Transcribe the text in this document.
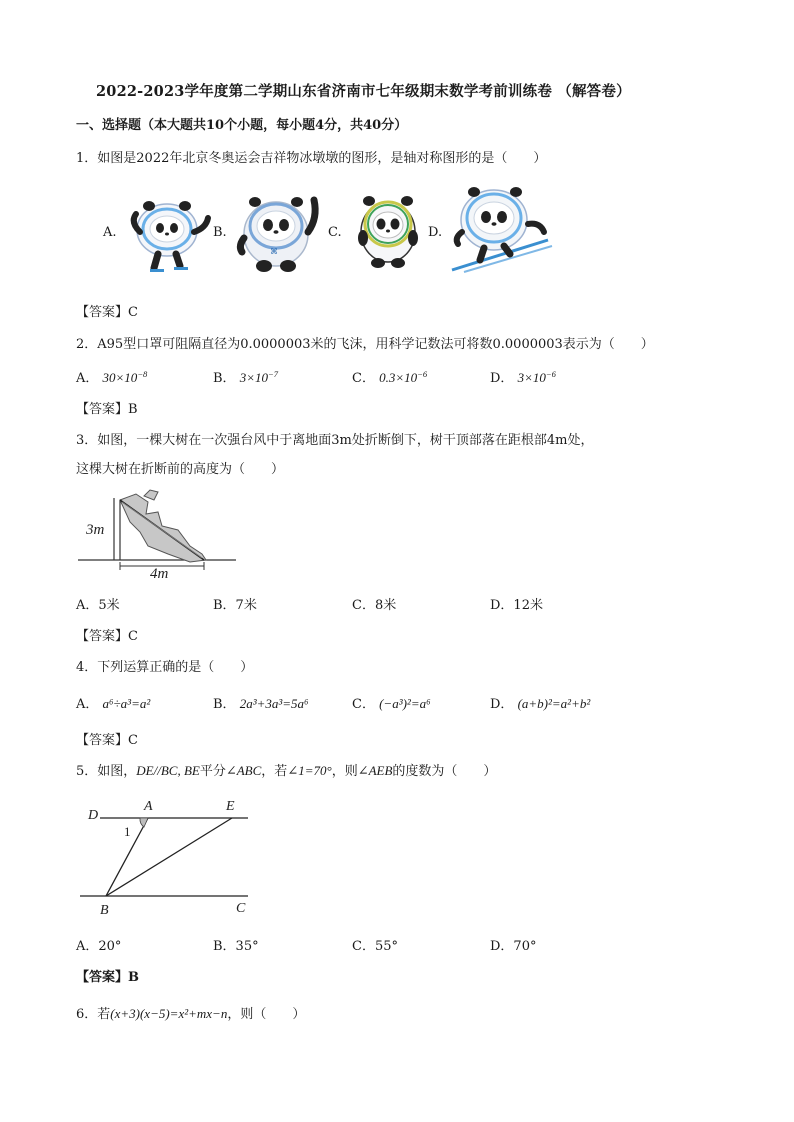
2022-2023学年度第二学期山东省济南市七年级期末数学考前训练卷 （解答卷）
一、选择题（本大题共10个小题，每小题4分，共40分）
1．如图是2022年北京冬奥运会吉祥物冰墩墩的图形，是轴对称图形的是（　　）
A.	B.	C.	D.
⌘
【答案】C
2．A95型口罩可阻隔直径为0.0000003米的飞沫，用科学记数法可将数0.0000003表示为（　　）
A． $30\times 10^{-8}$	B． $3\times 10^{-7}$	C． $0.3\times 10^{-6}$	D． $3\times 10^{-6}$
【答案】B
3．如图，一棵大树在一次强台风中于离地面3m处折断倒下，树干顶部落在距根部4m处，
这棵大树在折断前的高度为（　　）
3m
4m
A．5米	B．7米	C．8米	D．12米
【答案】C
4．下列运算正确的是（　　）
A． a⁶÷a³=a²	B． 2a³+3a³=5a⁶	C． (−a³)²=a⁶	D． (a+b)²=a²+b²
【答案】C
5．如图，DE//BC, BE平分∠ABC，若∠1=70°，则∠AEB的度数为（　　）
D
A	E
1
B	C
A．20°	B．35°	C．55°	D．70°
【答案】B
6．若(x+3)(x−5)=x²+mx−n，则（　　）
